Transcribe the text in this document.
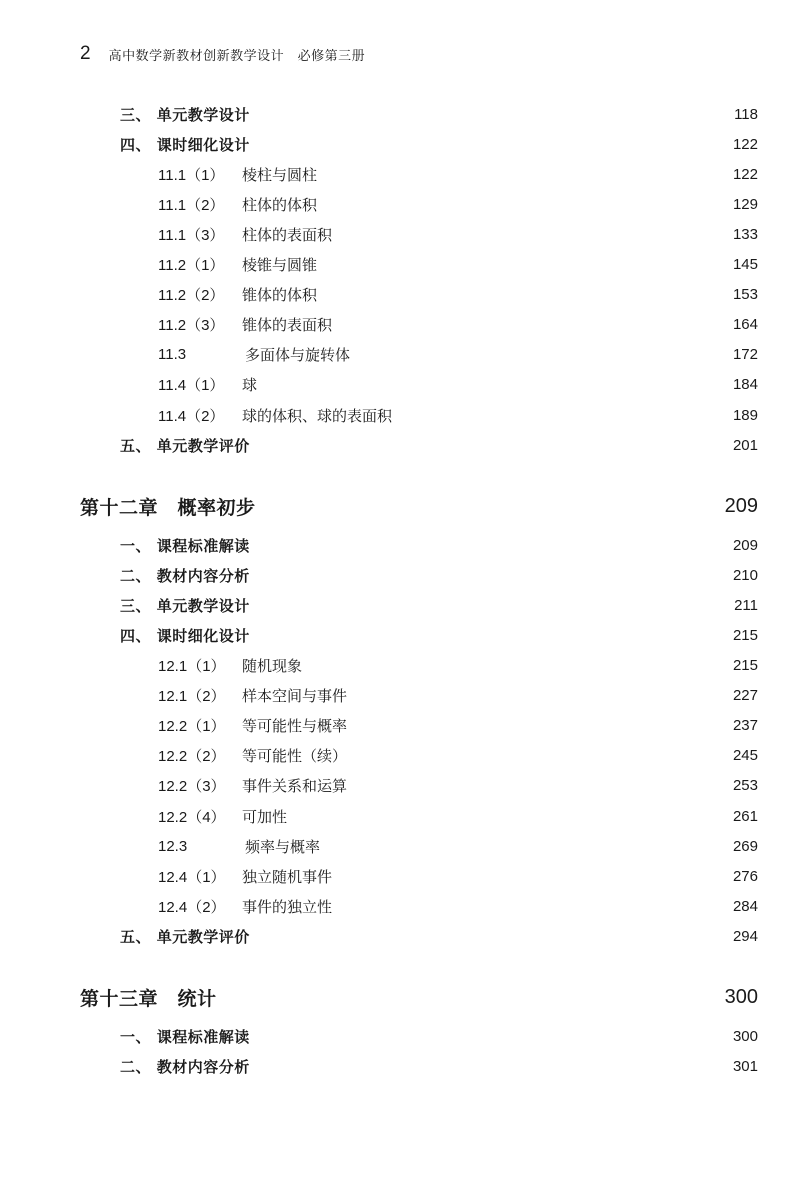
2 高中数学新教材创新教学设计　必修第三册
三、 单元教学设计	118
四、 课时细化设计	122
11.1（1） 棱柱与圆柱	122
11.1（2） 柱体的体积	129
11.1（3） 柱体的表面积	133
11.2（1） 棱锥与圆锥	145
11.2（2） 锥体的体积	153
11.2（3） 锥体的表面积	164
11.3	多面体与旋转体	172
11.4（1） 球	184
11.4（2） 球的体积、球的表面积	189
五、 单元教学评价	201
第十二章　概率初步	209
一、 课程标准解读	209
二、 教材内容分析	210
三、 单元教学设计	211
四、 课时细化设计	215
12.1（1） 随机现象	215
12.1（2） 样本空间与事件	227
12.2（1） 等可能性与概率	237
12.2（2） 等可能性（续）	245
12.2（3） 事件关系和运算	253
12.2（4） 可加性	261
12.3	频率与概率	269
12.4（1） 独立随机事件	276
12.4（2） 事件的独立性	284
五、 单元教学评价	294
第十三章　统计	300
一、 课程标准解读	300
二、 教材内容分析	301
